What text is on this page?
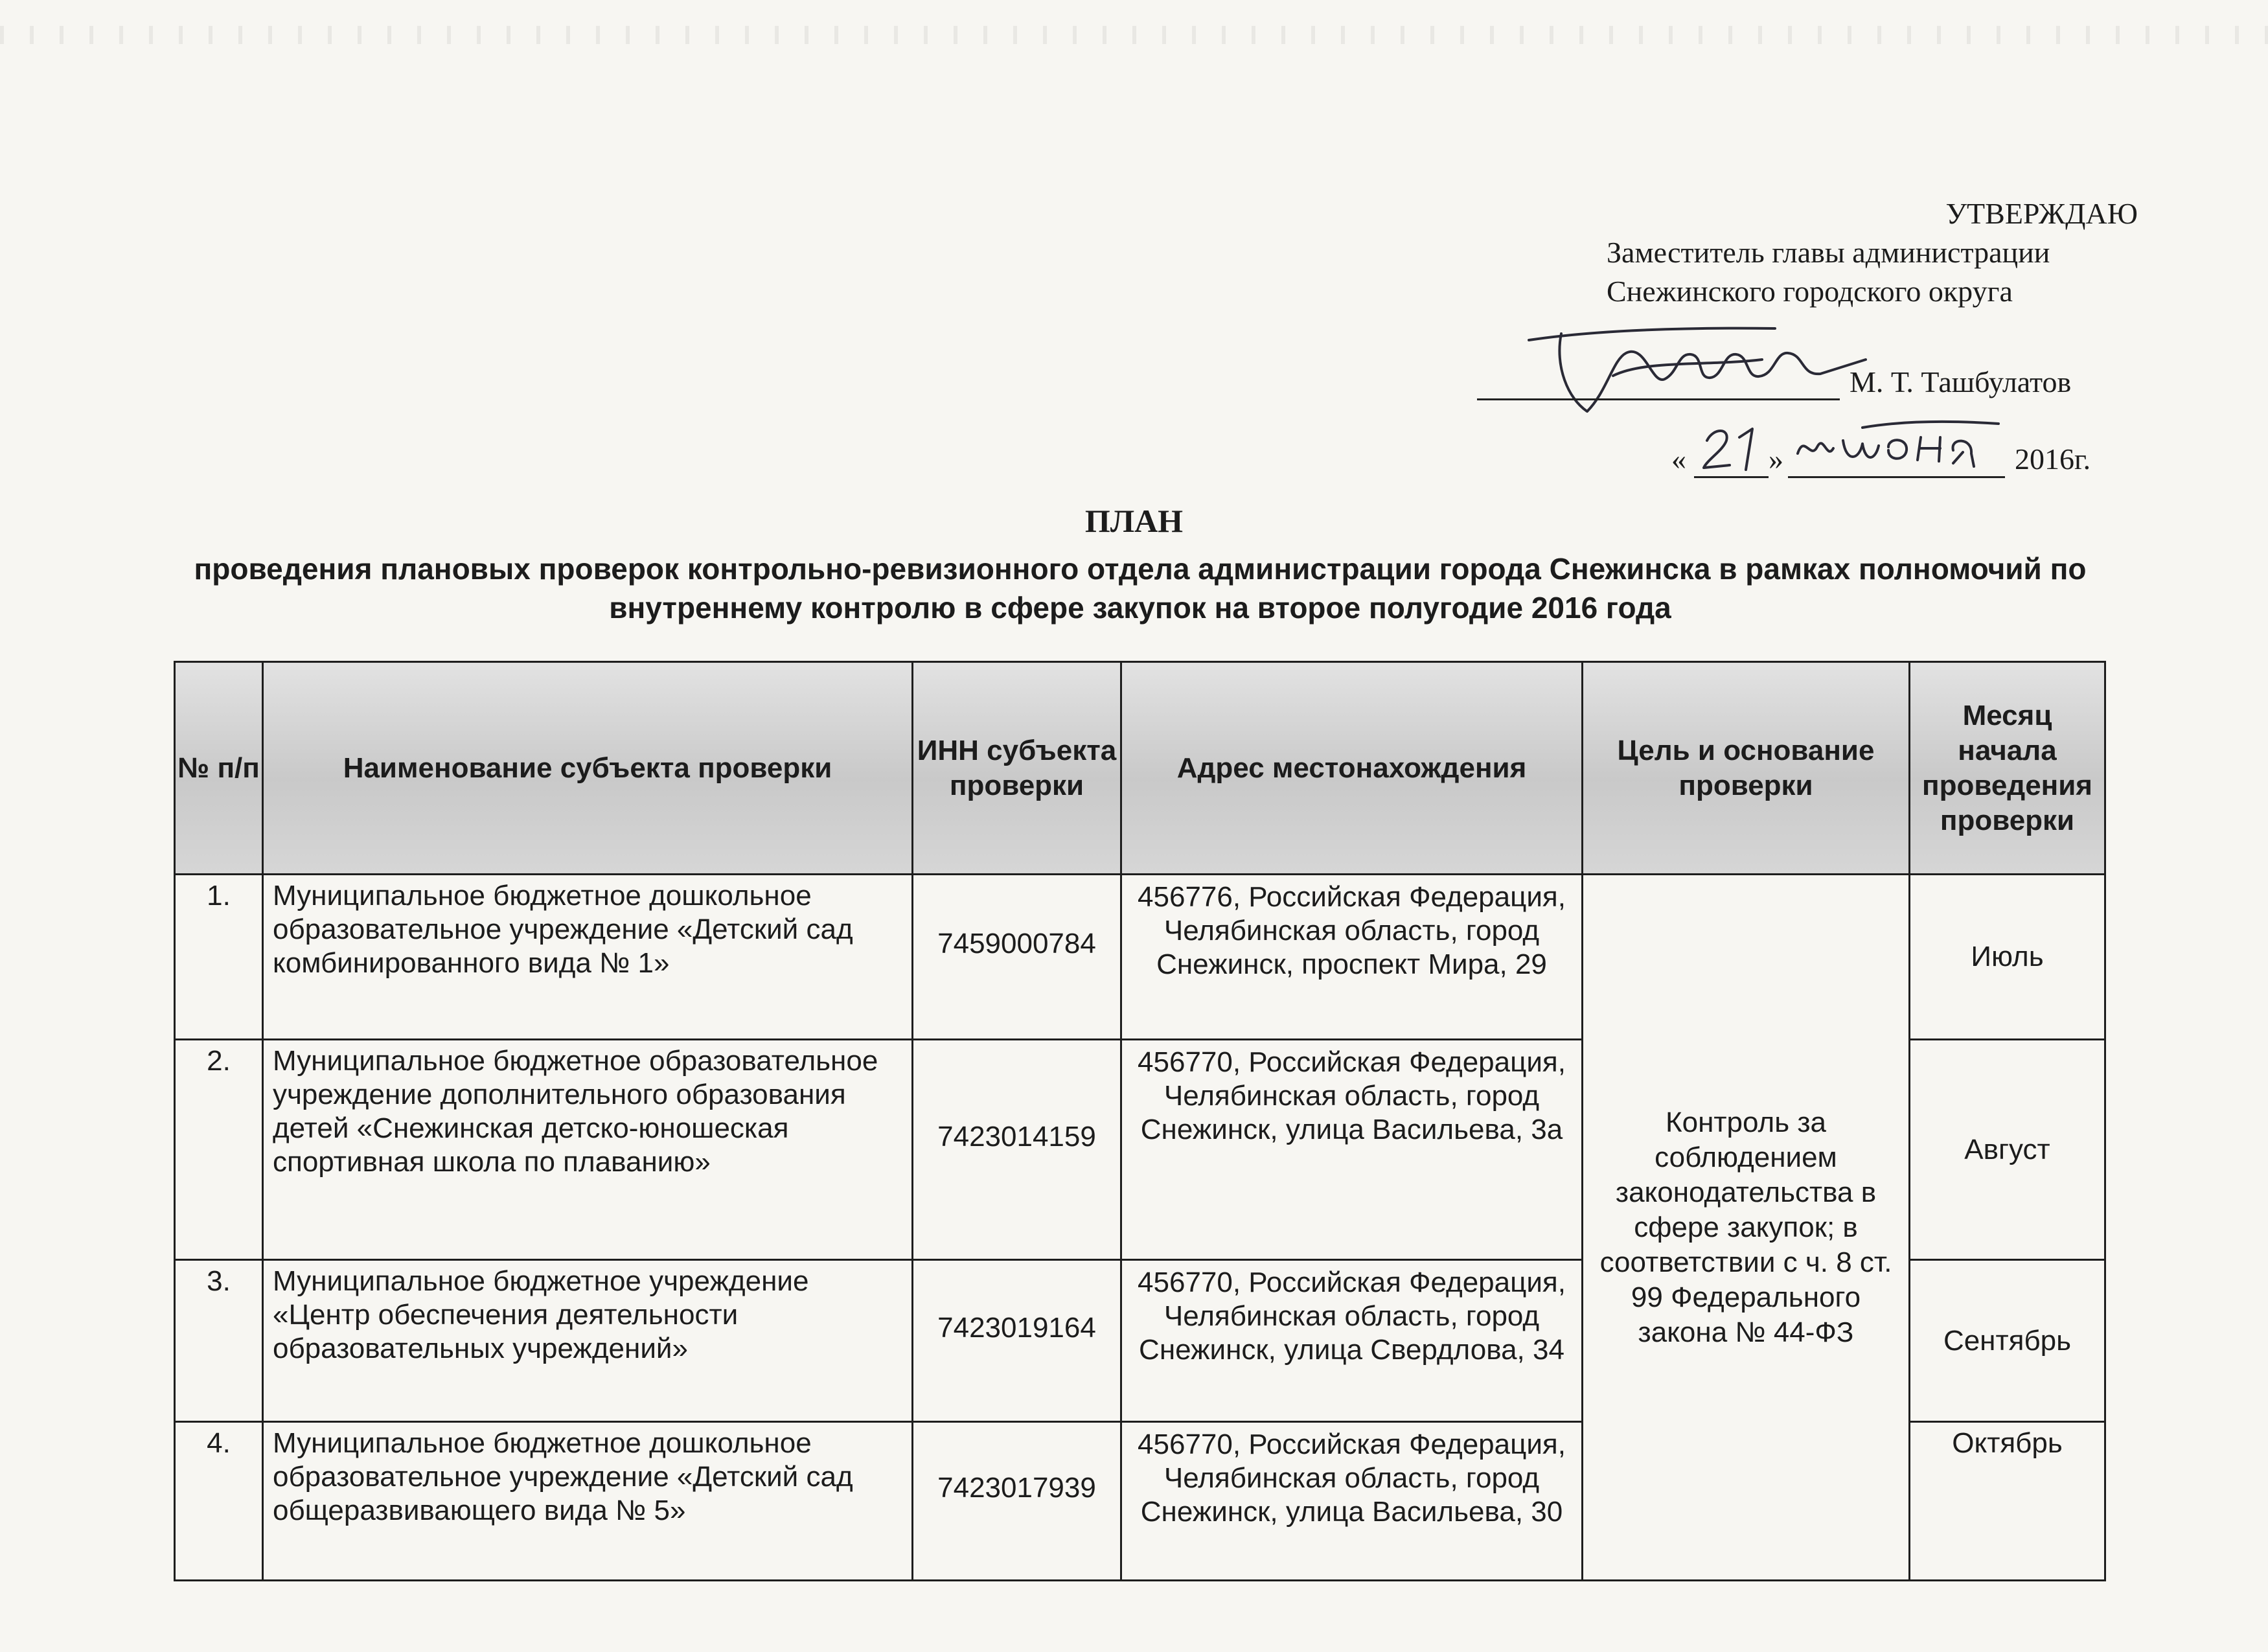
УТВЕРЖДАЮ
Заместитель главы администрации
Снежинского городского округа
М. Т. Ташбулатов
«	»	2016г.
ПЛАН
проведения плановых проверок контрольно-ревизионного отдела администрации города Снежинска в рамках полномочий по внутреннему контролю в сфере закупок на второе полугодие 2016 года
№ п/п	Наименование субъекта проверки	ИНН субъекта проверки	Адрес местонахождения	Цель и основание проверки	Месяц начала проведения проверки
1.	Муниципальное бюджетное дошкольное образовательное учреждение «Детский сад комбинированного вида № 1»	7459000784	456776, Российская Федерация, Челябинская область, город Снежинск, проспект Мира, 29	Контроль за соблюдением законодательства в сфере закупок; в соответствии с ч. 8 ст. 99 Федерального закона № 44-ФЗ	Июль
2.	Муниципальное бюджетное образовательное учреждение дополнительного образования детей «Снежинская детско-юношеская спортивная школа по плаванию»	7423014159	456770, Российская Федерация, Челябинская область, город Снежинск, улица Васильева, 3а		Август
3.	Муниципальное бюджетное учреждение «Центр обеспечения деятельности образовательных учреждений»	7423019164	456770, Российская Федерация, Челябинская область, город Снежинск, улица Свердлова, 34		Сентябрь
4.	Муниципальное бюджетное дошкольное образовательное учреждение «Детский сад общеразвивающего вида № 5»	7423017939	456770, Российская Федерация, Челябинская область, город Снежинск, улица Васильева, 30		Октябрь
